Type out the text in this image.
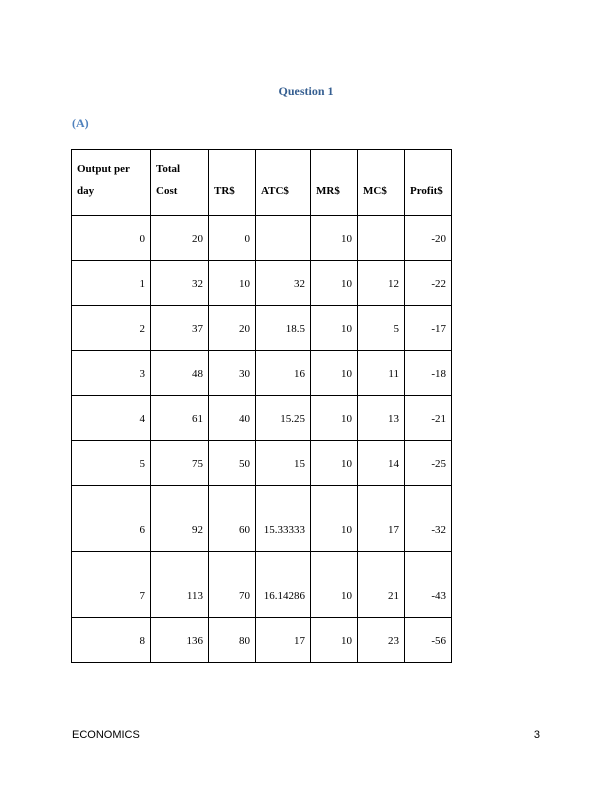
Question 1
(A)
Output per day	Total Cost	TR$	ATC$	MR$	MC$	Profit$
0	20	0		10		-20
1	32	10	32	10	12	-22
2	37	20	18.5	10	5	-17
3	48	30	16	10	11	-18
4	61	40	15.25	10	13	-21
5	75	50	15	10	14	-25
6	92	60	15.33333	10	17	-32
7	113	70	16.14286	10	21	-43
8	136	80	17	10	23	-56
ECONOMICS	3
